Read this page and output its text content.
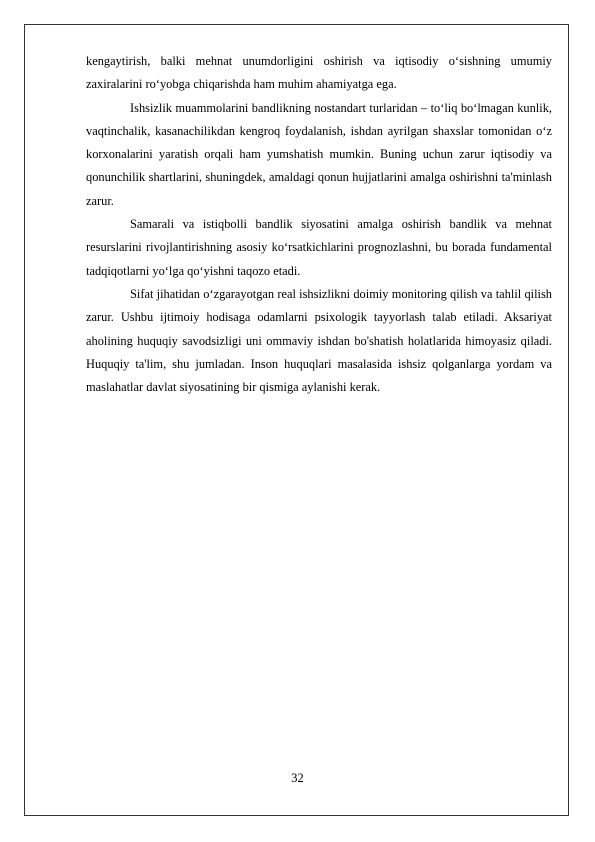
kengaytirish, balki mehnat unumdorligini oshirish va iqtisodiy o‘sishning umumiy zaxiralarini ro‘yobga chiqarishda ham muhim ahamiyatga ega.

Ishsizlik muammolarini bandlikning nostandart turlaridan – to‘liq bo‘lmagan kunlik, vaqtinchalik, kasanachilikdan kengroq foydalanish, ishdan ayrilgan shaxslar tomonidan o‘z korxonalarini yaratish orqali ham yumshatish mumkin. Buning uchun zarur iqtisodiy va qonunchilik shartlarini, shuningdek, amaldagi qonun hujjatlarini amalga oshirishni ta'minlash zarur.

Samarali va istiqbolli bandlik siyosatini amalga oshirish bandlik va mehnat resurslarini rivojlantirishning asosiy ko‘rsatkichlarini prognozlashni, bu borada fundamental tadqiqotlarni yo‘lga qo‘yishni taqozo etadi.

Sifat jihatidan o‘zgarayotgan real ishsizlikni doimiy monitoring qilish va tahlil qilish zarur. Ushbu ijtimoiy hodisaga odamlarni psixologik tayyorlash talab etiladi. Aksariyat aholining huquqiy savodsizligi uni ommaviy ishdan bo'shatish holatlarida himoyasiz qiladi. Huquqiy ta'lim, shu jumladan. Inson huquqlari masalasida ishsiz qolganlarga yordam va maslahatlar davlat siyosatining bir qismiga aylanishi kerak.

32
